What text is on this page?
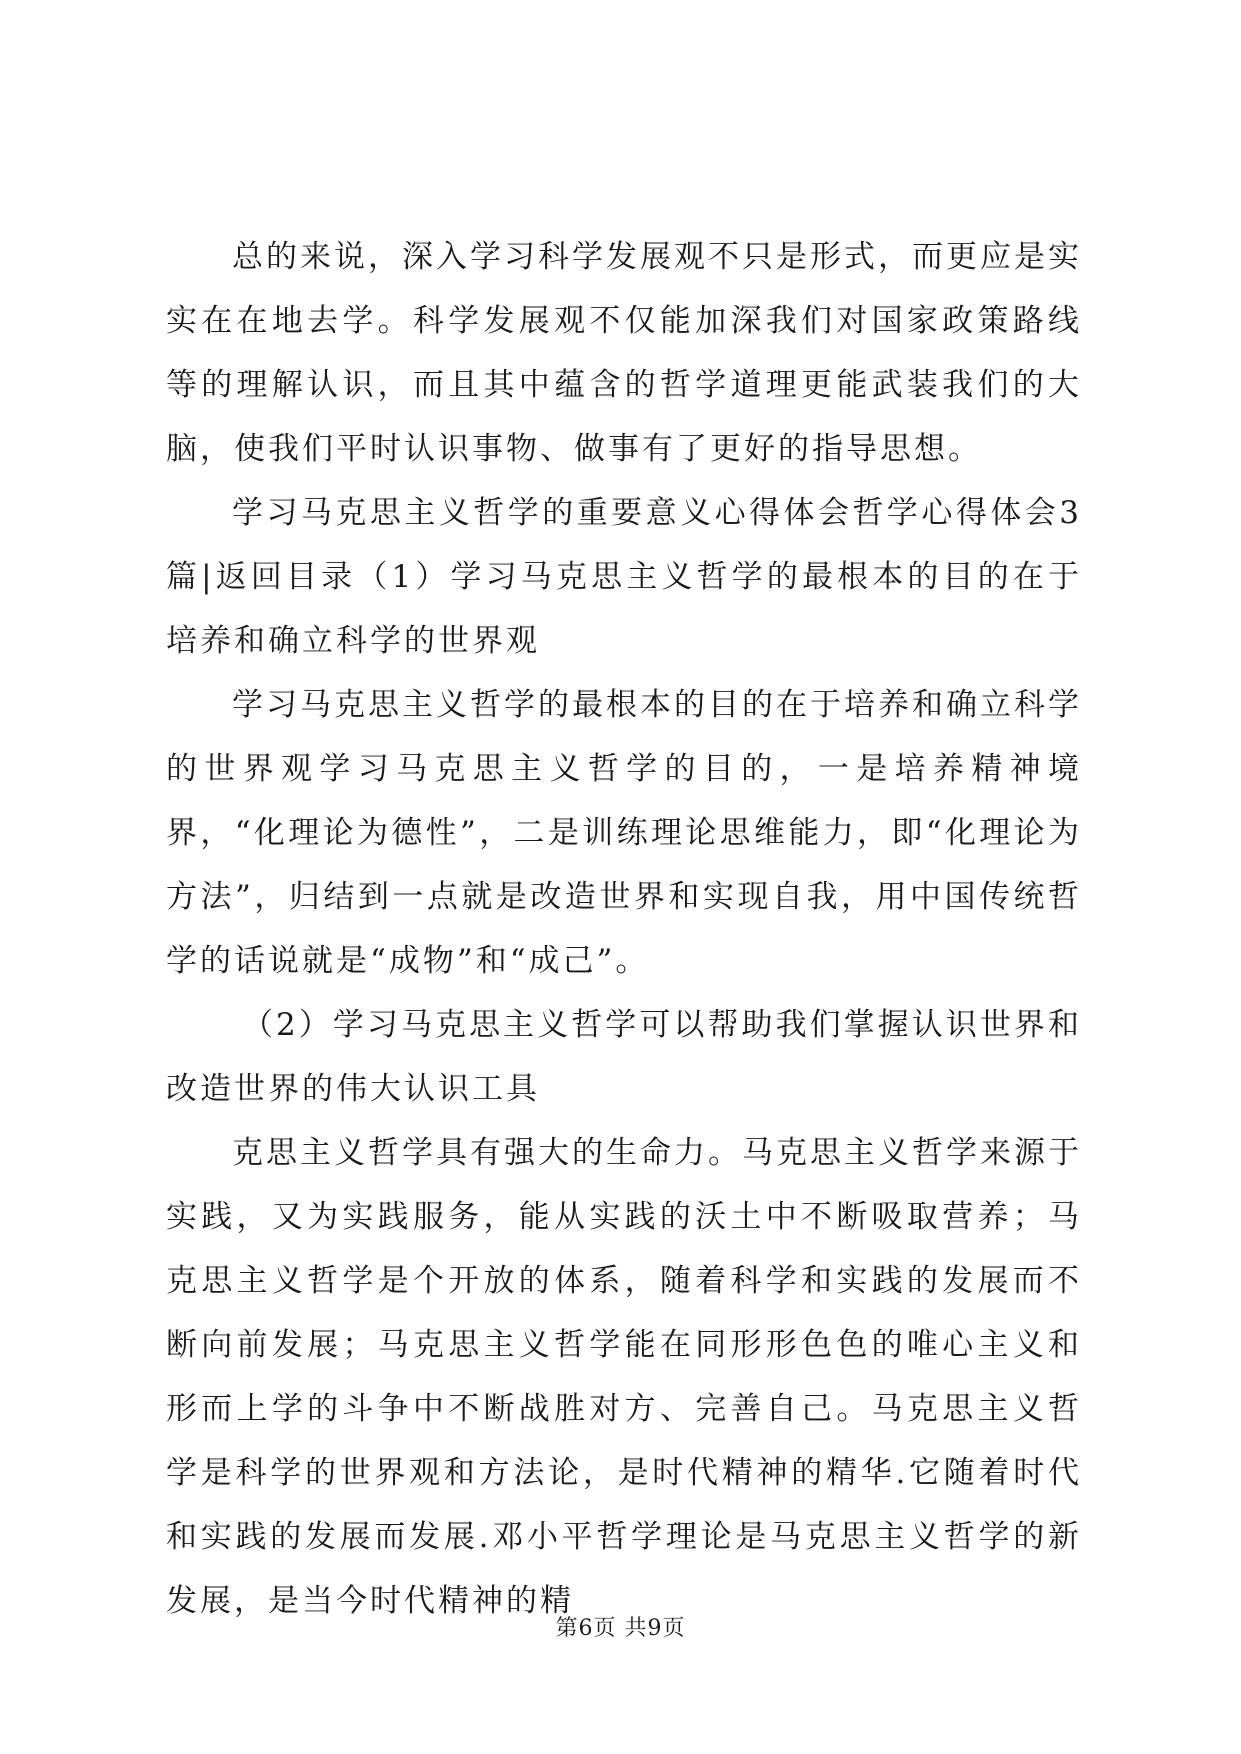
总的来说，深入学习科学发展观不只是形式，而更应是实实在在地去学。科学发展观不仅能加深我们对国家政策路线等的理解认识，而且其中蕴含的哲学道理更能武装我们的大脑，使我们平时认识事物、做事有了更好的指导思想。

学习马克思主义哲学的重要意义心得体会哲学心得体会3篇|返回目录（1）学习马克思主义哲学的最根本的目的在于培养和确立科学的世界观

学习马克思主义哲学的最根本的目的在于培养和确立科学的世界观学习马克思主义哲学的目的，一是培养精神境界，“化理论为德性”，二是训练理论思维能力，即“化理论为方法”，归结到一点就是改造世界和实现自我，用中国传统哲学的话说就是“成物”和“成己”。

（2）学习马克思主义哲学可以帮助我们掌握认识世界和改造世界的伟大认识工具

克思主义哲学具有强大的生命力。马克思主义哲学来源于实践，又为实践服务，能从实践的沃土中不断吸取营养；马克思主义哲学是个开放的体系，随着科学和实践的发展而不断向前发展；马克思主义哲学能在同形形色色的唯心主义和形而上学的斗争中不断战胜对方、完善自己。马克思主义哲学是科学的世界观和方法论，是时代精神的精华.它随着时代和实践的发展而发展.邓小平哲学理论是马克思主义哲学的新发展，是当今时代精神的精

第6页 共9页
